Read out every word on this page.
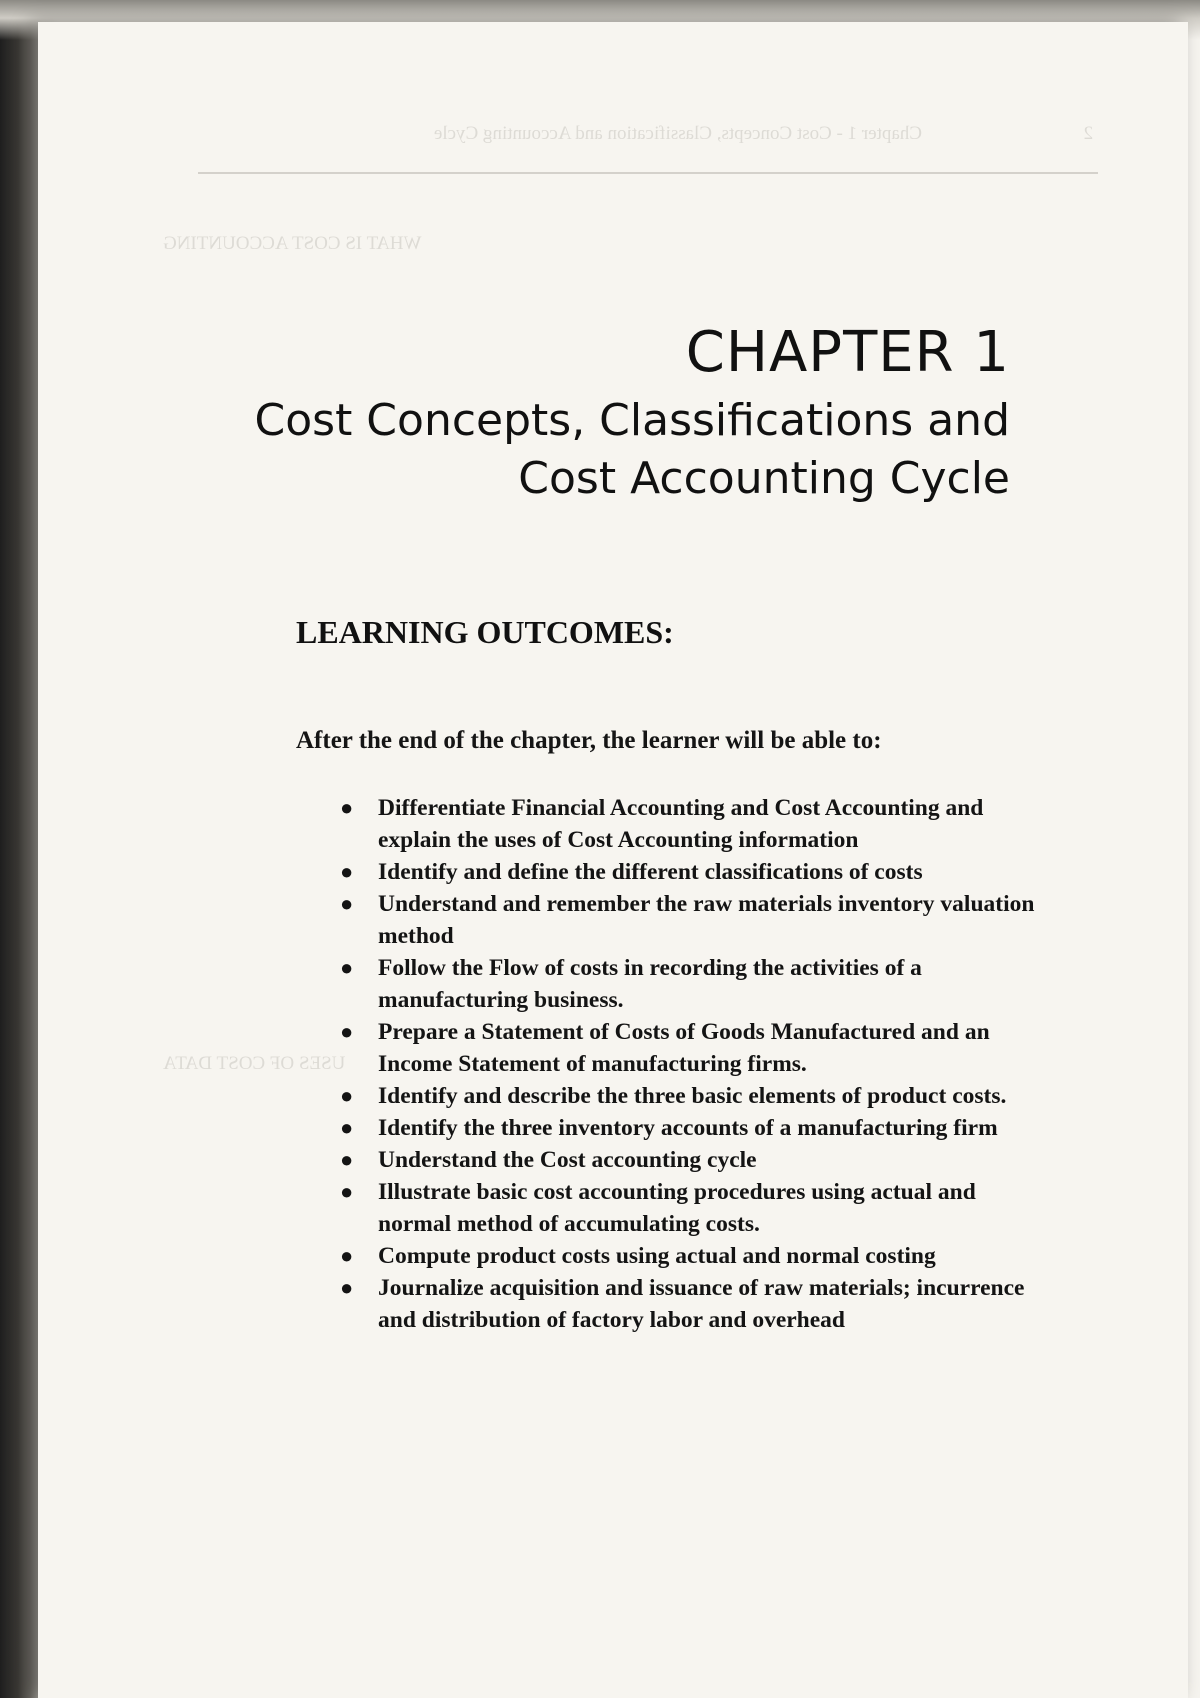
2                                  Chapter 1 - Cost Concepts, Classification and Accounting Cycle
WHAT IS COST ACCOUNTING
USES OF COST DATA
CHAPTER 1
Cost Concepts, Classifications and
Cost Accounting Cycle
LEARNING OUTCOMES:
After the end of the chapter, the learner will be able to:
● Differentiate Financial Accounting and Cost Accounting and explain the uses of Cost Accounting information
● Identify and define the different classifications of costs
● Understand and remember the raw materials inventory valuation method
● Follow the Flow of costs in recording the activities of a manufacturing business.
● Prepare a Statement of Costs of Goods Manufactured and an Income Statement of manufacturing firms.
● Identify and describe the three basic elements of product costs.
● Identify the three inventory accounts of a manufacturing firm
● Understand the Cost accounting cycle
● Illustrate basic cost accounting procedures using actual and normal method of accumulating costs.
● Compute product costs using actual and normal costing
● Journalize acquisition and issuance of raw materials; incurrence and distribution of factory labor and overhead
